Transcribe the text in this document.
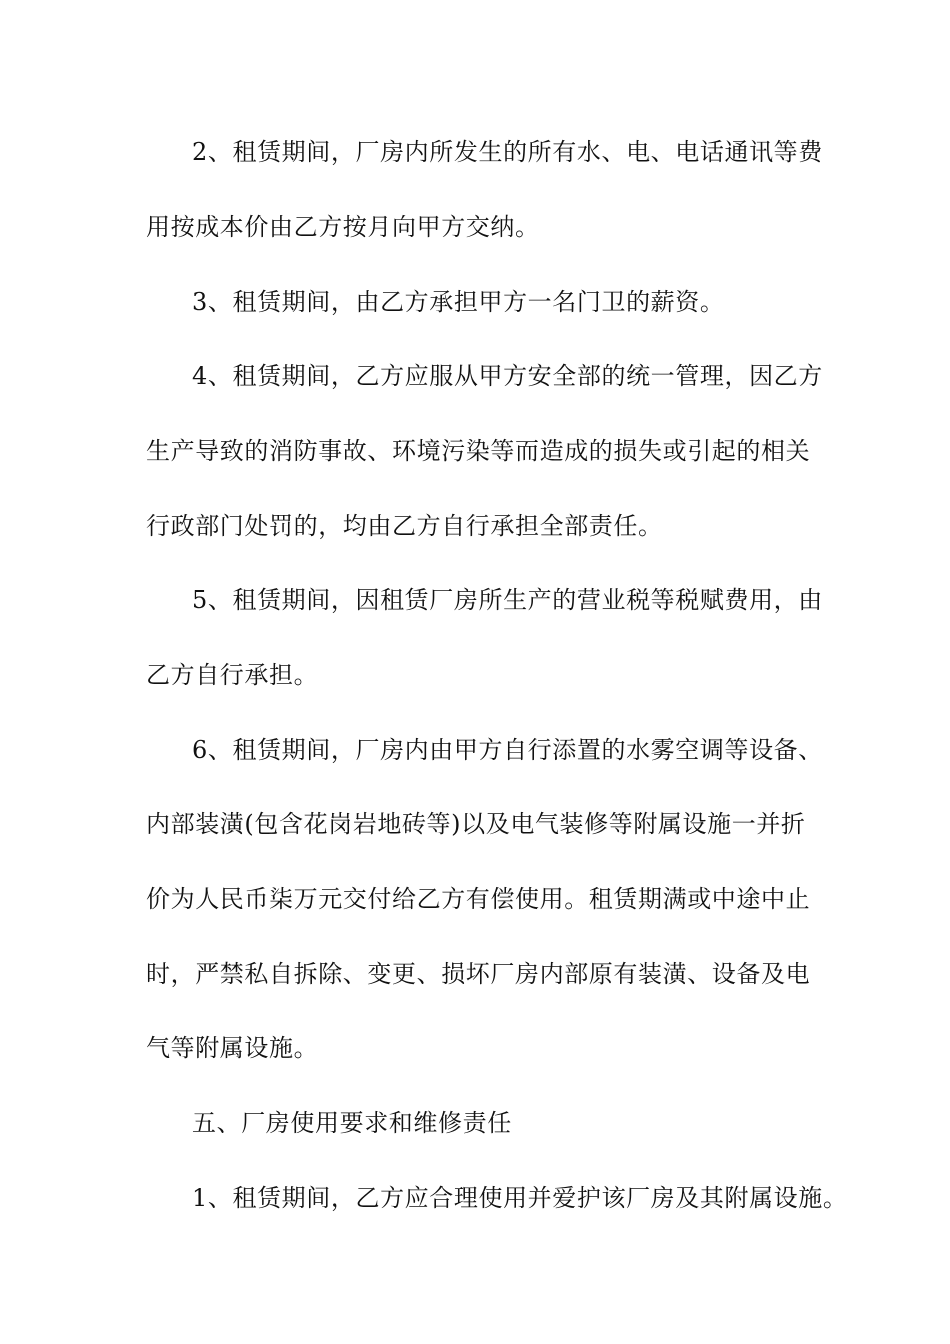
2、租赁期间，厂房内所发生的所有水、电、电话通讯等费
用按成本价由乙方按月向甲方交纳。
3、租赁期间，由乙方承担甲方一名门卫的薪资。
4、租赁期间，乙方应服从甲方安全部的统一管理，因乙方
生产导致的消防事故、环境污染等而造成的损失或引起的相关
行政部门处罚的，均由乙方自行承担全部责任。
5、租赁期间，因租赁厂房所生产的营业税等税赋费用，由
乙方自行承担。
6、租赁期间，厂房内由甲方自行添置的水雾空调等设备、
内部装潢(包含花岗岩地砖等)以及电气装修等附属设施一并折
价为人民币柒万元交付给乙方有偿使用。租赁期满或中途中止
时，严禁私自拆除、变更、损坏厂房内部原有装潢、设备及电
气等附属设施。
五、厂房使用要求和维修责任
1、租赁期间，乙方应合理使用并爱护该厂房及其附属设施。
